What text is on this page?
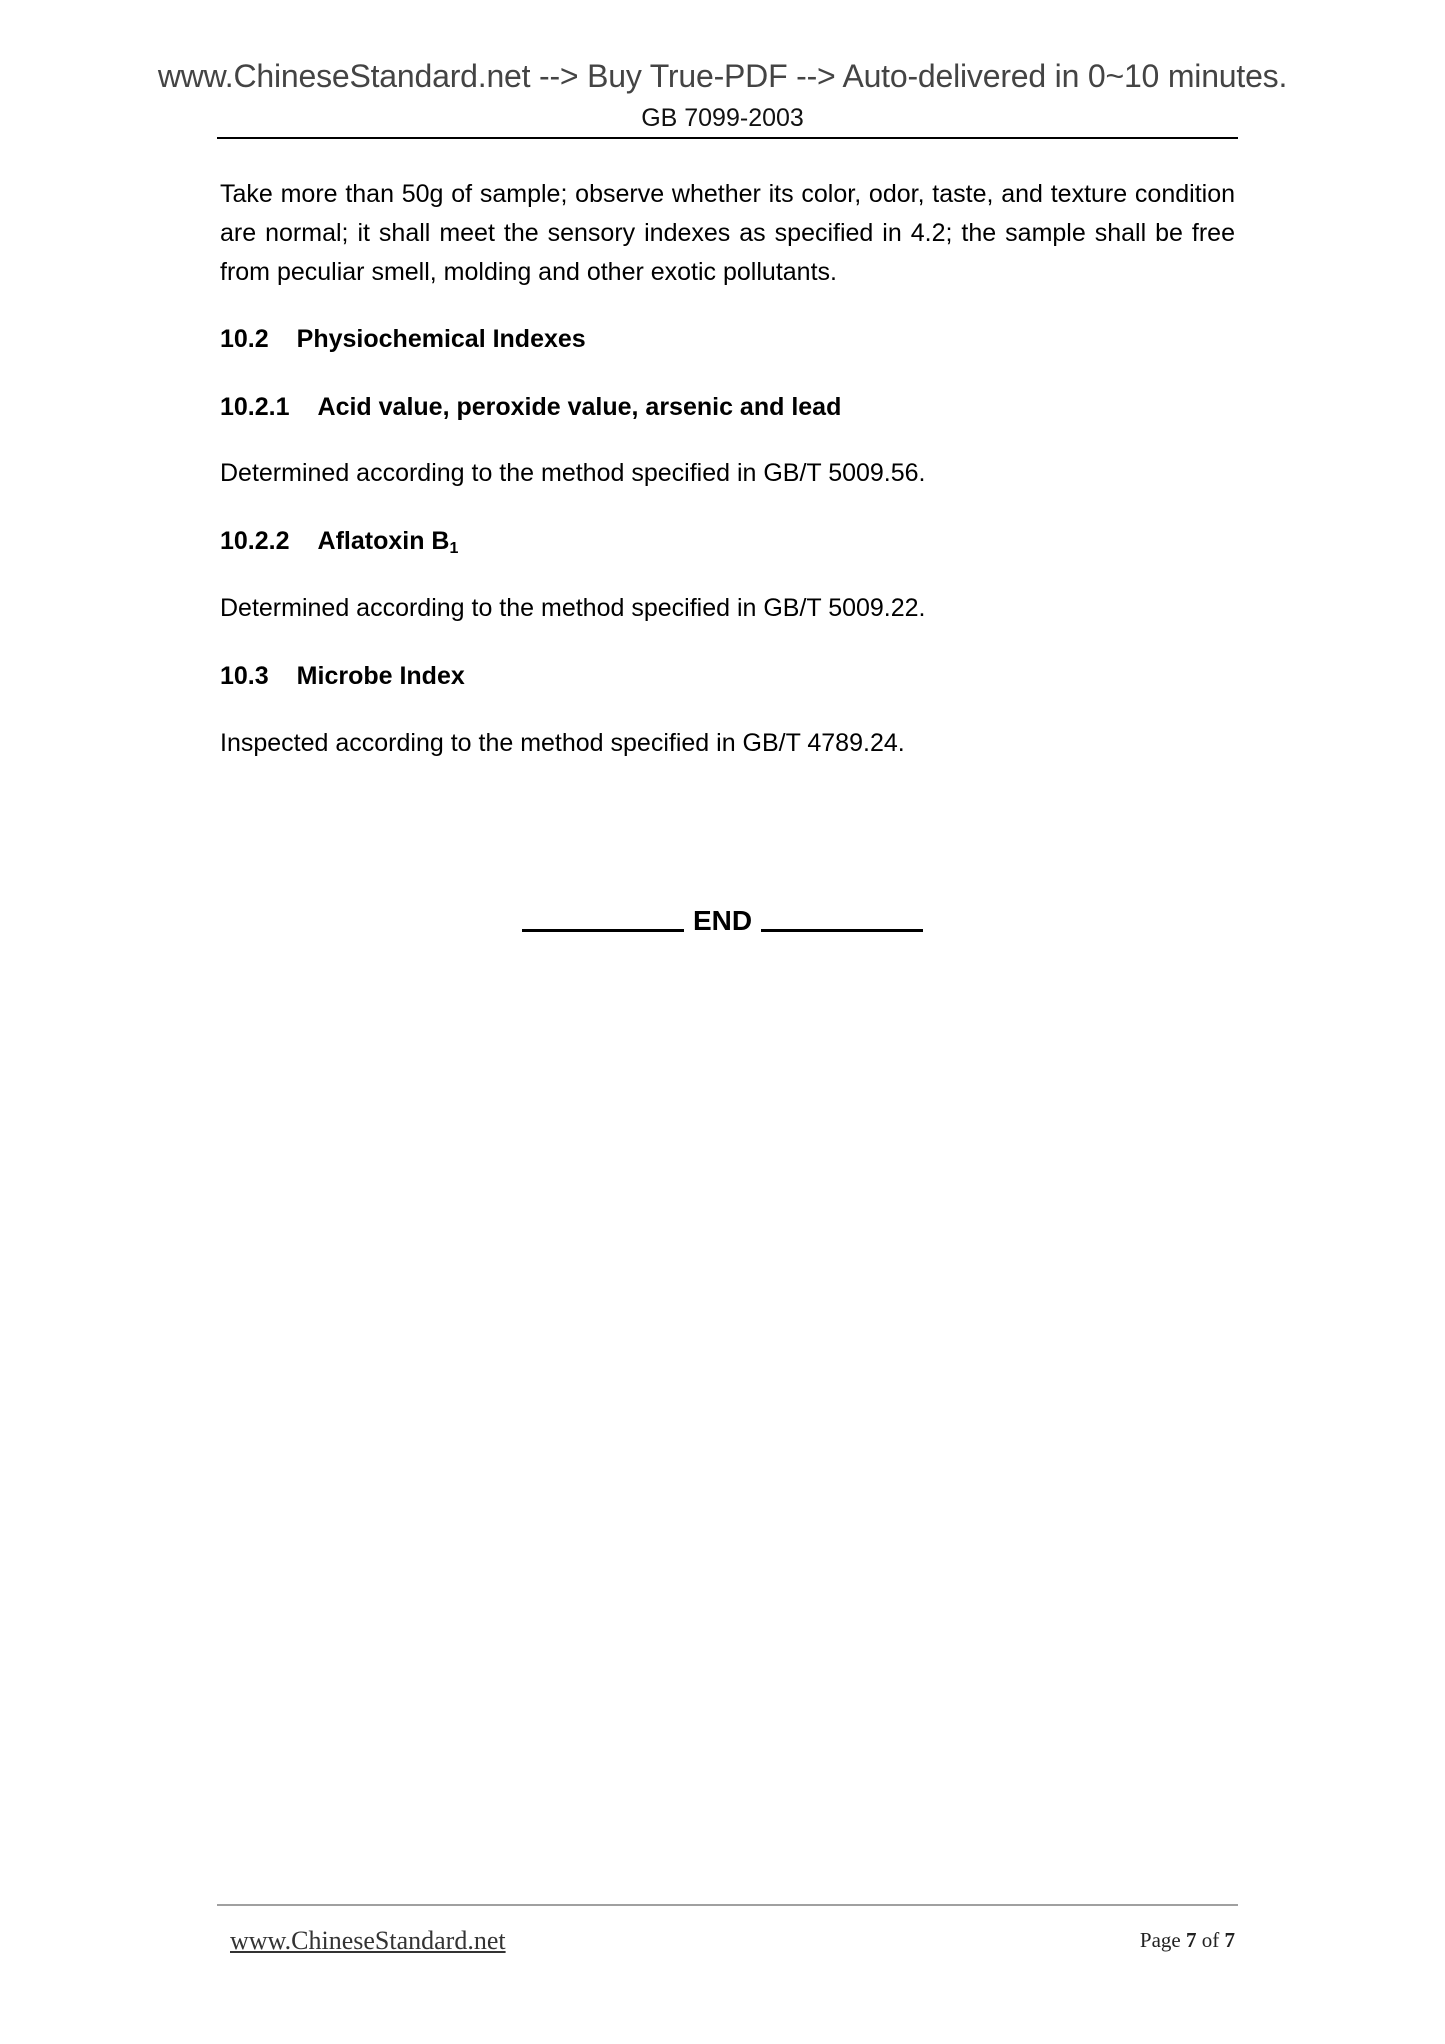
www.ChineseStandard.net --> Buy True-PDF --> Auto-delivered in 0~10 minutes.
GB 7099-2003
Take more than 50g of sample; observe whether its color, odor, taste, and texture condition are normal; it shall meet the sensory indexes as specified in 4.2; the sample shall be free from peculiar smell, molding and other exotic pollutants.
10.2 Physiochemical Indexes
10.2.1 Acid value, peroxide value, arsenic and lead
Determined according to the method specified in GB/T 5009.56.
10.2.2 Aflatoxin $B_1$
Determined according to the method specified in GB/T 5009.22.
10.3 Microbe Index
Inspected according to the method specified in GB/T 4789.24.
END
www.ChineseStandard.net	Page 7 of 7
